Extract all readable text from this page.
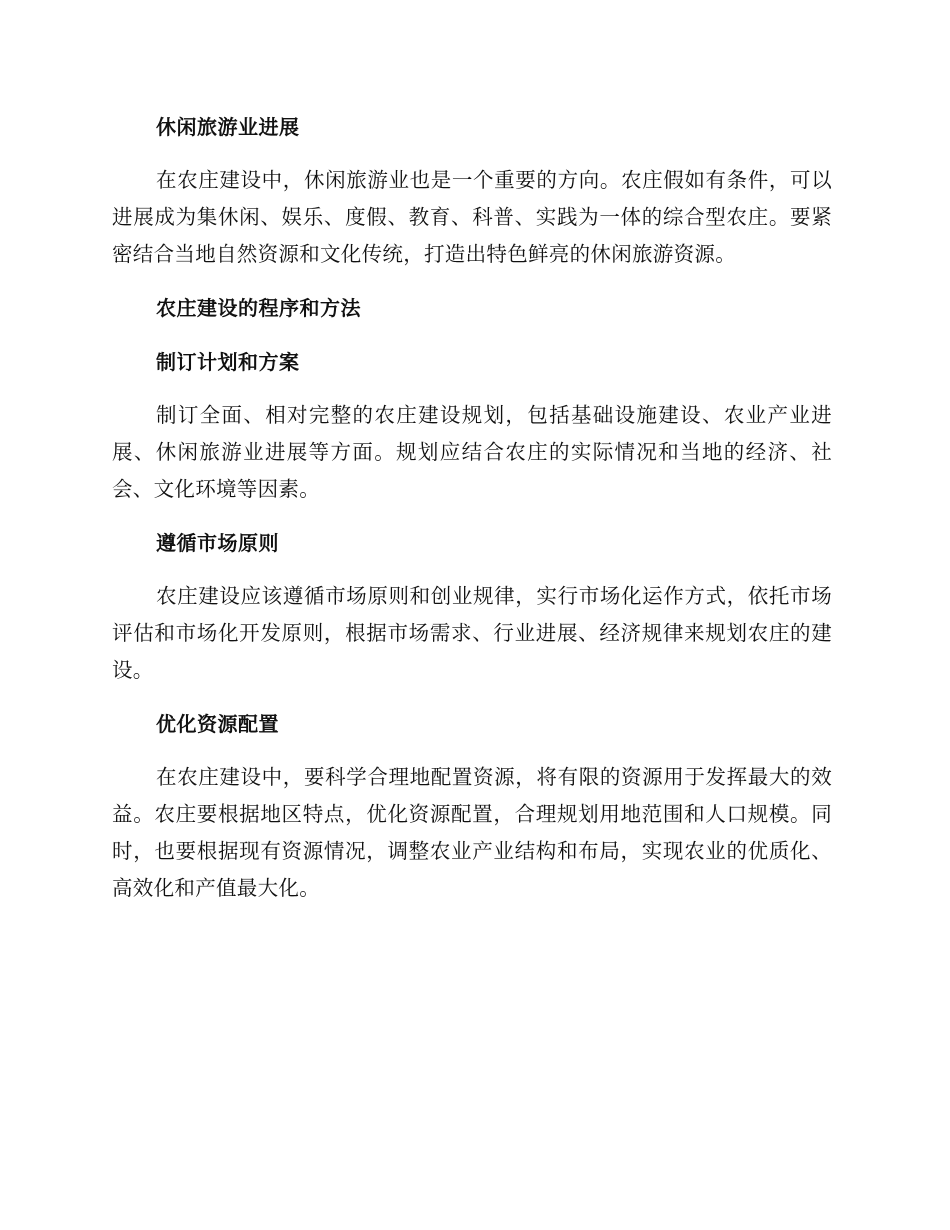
休闲旅游业进展

在农庄建设中，休闲旅游业也是一个重要的方向。农庄假如有条件，可以进展成为集休闲、娱乐、度假、教育、科普、实践为一体的综合型农庄。要紧密结合当地自然资源和文化传统，打造出特色鲜亮的休闲旅游资源。

农庄建设的程序和方法
制订计划和方案

制订全面、相对完整的农庄建设规划，包括基础设施建设、农业产业进展、休闲旅游业进展等方面。规划应结合农庄的实际情况和当地的经济、社会、文化环境等因素。

遵循市场原则

农庄建设应该遵循市场原则和创业规律，实行市场化运作方式，依托市场评估和市场化开发原则，根据市场需求、行业进展、经济规律来规划农庄的建设。

优化资源配置

在农庄建设中，要科学合理地配置资源，将有限的资源用于发挥最大的效益。农庄要根据地区特点，优化资源配置，合理规划用地范围和人口规模。同时，也要根据现有资源情况，调整农业产业结构和布局，实现农业的优质化、高效化和产值最大化。
